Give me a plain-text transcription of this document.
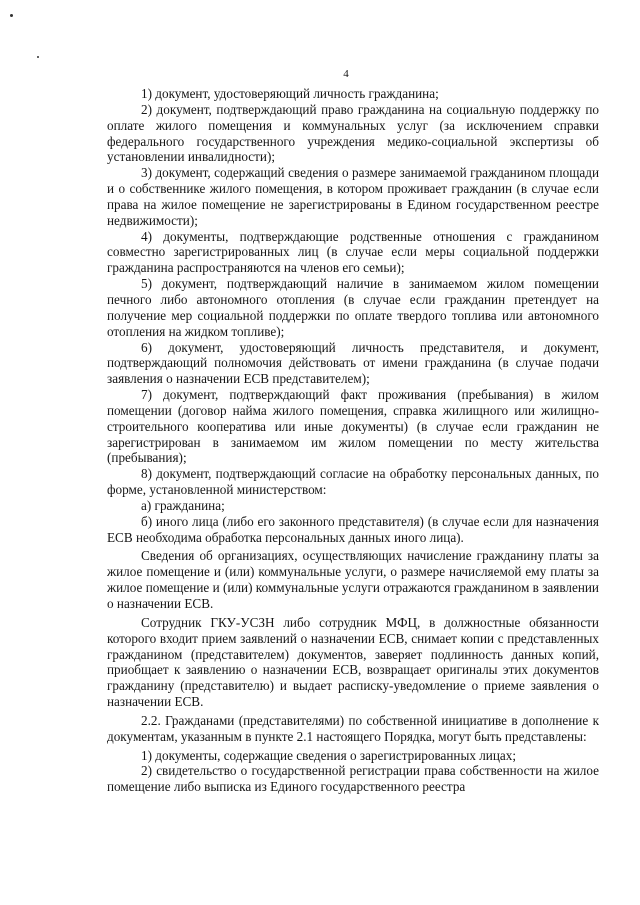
4

1) документ, удостоверяющий личность гражданина;

2) документ, подтверждающий право гражданина на социальную поддержку по оплате жилого помещения и коммунальных услуг (за исключением справки федерального государственного учреждения медико-социальной экспертизы об установлении инвалидности);

3) документ, содержащий сведения о размере занимаемой гражданином площади и о собственнике жилого помещения, в котором проживает гражданин (в случае если права на жилое помещение не зарегистрированы в Едином государственном реестре недвижимости);

4) документы, подтверждающие родственные отношения с гражданином совместно зарегистрированных лиц (в случае если меры социальной поддержки гражданина распространяются на членов его семьи);

5) документ, подтверждающий наличие в занимаемом жилом помещении печного либо автономного отопления (в случае если гражданин претендует на получение мер социальной поддержки по оплате твердого топлива или автономного отопления на жидком топливе);

6) документ, удостоверяющий личность представителя, и документ, подтверждающий полномочия действовать от имени гражданина (в случае подачи заявления о назначении ЕСВ представителем);

7) документ, подтверждающий факт проживания (пребывания) в жилом помещении (договор найма жилого помещения, справка жилищного или жилищно-строительного кооператива или иные документы) (в случае если гражданин не зарегистрирован в занимаемом им жилом помещении по месту жительства (пребывания);

8) документ, подтверждающий согласие на обработку персональных данных, по форме, установленной министерством:

а) гражданина;

б) иного лица (либо его законного представителя) (в случае если для назначения ЕСВ необходима обработка персональных данных иного лица).

Сведения об организациях, осуществляющих начисление гражданину платы за жилое помещение и (или) коммунальные услуги, о размере начисляемой ему платы за жилое помещение и (или) коммунальные услуги отражаются гражданином в заявлении о назначении ЕСВ.

Сотрудник ГКУ-УСЗН либо сотрудник МФЦ, в должностные обязанности которого входит прием заявлений о назначении ЕСВ, снимает копии с представленных гражданином (представителем) документов, заверяет подлинность данных копий, приобщает к заявлению о назначении ЕСВ, возвращает оригиналы этих документов гражданину (представителю) и выдает расписку-уведомление о приеме заявления о назначении ЕСВ.

2.2. Гражданами (представителями) по собственной инициативе в дополнение к документам, указанным в пункте 2.1 настоящего Порядка, могут быть представлены:

1) документы, содержащие сведения о зарегистрированных лицах;

2) свидетельство о государственной регистрации права собственности на жилое помещение либо выписка из Единого государственного реестра
